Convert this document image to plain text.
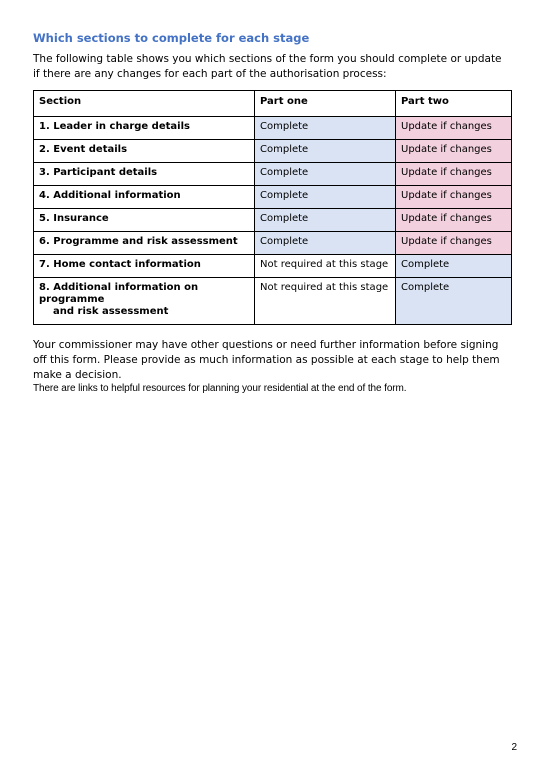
Which sections to complete for each stage

The following table shows you which sections of the form you should complete or update if there are any changes for each part of the authorisation process:

Section	Part one	Part two
1. Leader in charge details	Complete	Update if changes
2. Event details	Complete	Update if changes
3. Participant details	Complete	Update if changes
4. Additional information	Complete	Update if changes
5. Insurance	Complete	Update if changes
6. Programme and risk assessment	Complete	Update if changes
7. Home contact information	Not required at this stage	Complete

8. Additional information on programme
and risk assessment	Not required at this stage	Complete

Your commissioner may have other questions or need further information before signing off this form. Please provide as much information as possible at each stage to help them make a decision.

There are links to helpful resources for planning your residential at the end of the form.

2
